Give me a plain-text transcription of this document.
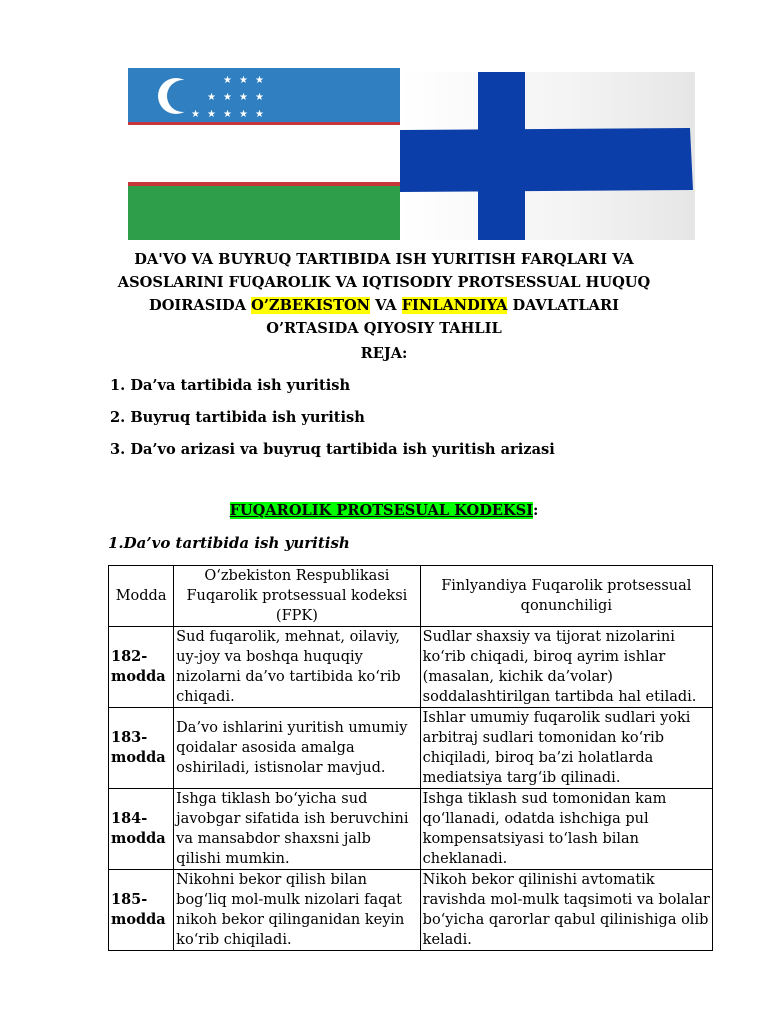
★ ★ ★
★ ★ ★ ★
★ ★ ★ ★ ★
DA'VO VA BUYRUQ TARTIBIDA ISH YURITISH FARQLARI VA ASOSLARINI FUQAROLIK VA IQTISODIY PROTSESSUAL HUQUQ DOIRASIDA O’ZBEKISTON VA FINLANDIYA DAVLATLARI O’RTASIDA QIYOSIY TAHLIL
REJA:
1. Da’va tartibida ish yuritish
2. Buyruq tartibida ish yuritish
3. Da’vo arizasi va buyruq tartibida ish yuritish arizasi
FUQAROLIK PROTSESUAL KODEKSI:
1.Da’vo tartibida ish yuritish
Modda	O‘zbekiston Respublikasi Fuqarolik protsessual kodeksi (FPK)	Finlyandiya Fuqarolik protsessual qonunchiligi
182-modda	Sud fuqarolik, mehnat, oilaviy, uy-joy va boshqa huquqiy nizolarni da’vo tartibida ko‘rib chiqadi.	Sudlar shaxsiy va tijorat nizolarini ko‘rib chiqadi, biroq ayrim ishlar (masalan, kichik da’volar) soddalashtirilgan tartibda hal etiladi.
183-modda	Da’vo ishlarini yuritish umumiy qoidalar asosida amalga oshiriladi, istisnolar mavjud.	Ishlar umumiy fuqarolik sudlari yoki arbitraj sudlari tomonidan ko‘rib chiqiladi, biroq ba’zi holatlarda mediatsiya targ‘ib qilinadi.
184-modda	Ishga tiklash bo‘yicha sud javobgar sifatida ish beruvchini va mansabdor shaxsni jalb qilishi mumkin.	Ishga tiklash sud tomonidan kam qo‘llanadi, odatda ishchiga pul kompensatsiyasi to‘lash bilan cheklanadi.
185-modda	Nikohni bekor qilish bilan bog‘liq mol-mulk nizolari faqat nikoh bekor qilinganidan keyin ko‘rib chiqiladi.	Nikoh bekor qilinishi avtomatik ravishda mol-mulk taqsimoti va bolalar bo‘yicha qarorlar qabul qilinishiga olib keladi.
